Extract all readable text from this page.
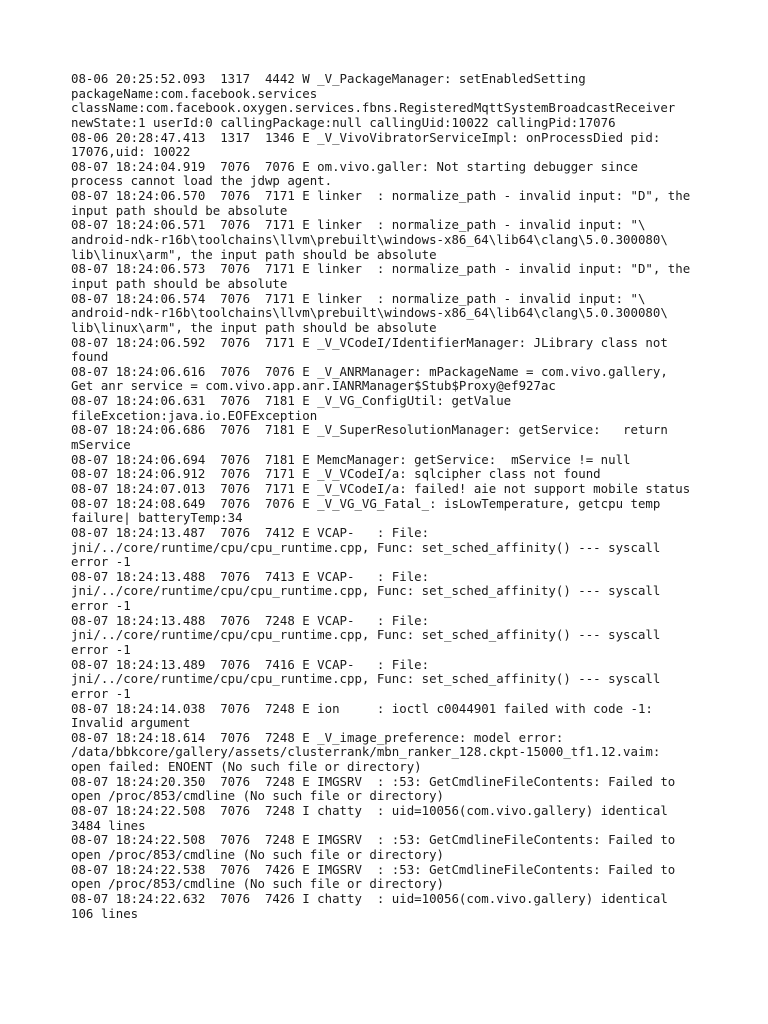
08-06 20:25:52.093  1317  4442 W _V_PackageManager: setEnabledSetting
packageName:com.facebook.services
className:com.facebook.oxygen.services.fbns.RegisteredMqttSystemBroadcastReceiver
newState:1 userId:0 callingPackage:null callingUid:10022 callingPid:17076
08-06 20:28:47.413  1317  1346 E _V_VivoVibratorServiceImpl: onProcessDied pid:
17076,uid: 10022
08-07 18:24:04.919  7076  7076 E om.vivo.galler: Not starting debugger since
process cannot load the jdwp agent.
08-07 18:24:06.570  7076  7171 E linker  : normalize_path - invalid input: "D", the
input path should be absolute
08-07 18:24:06.571  7076  7171 E linker  : normalize_path - invalid input: "\
android-ndk-r16b\toolchains\llvm\prebuilt\windows-x86_64\lib64\clang\5.0.300080\
lib\linux\arm", the input path should be absolute
08-07 18:24:06.573  7076  7171 E linker  : normalize_path - invalid input: "D", the
input path should be absolute
08-07 18:24:06.574  7076  7171 E linker  : normalize_path - invalid input: "\
android-ndk-r16b\toolchains\llvm\prebuilt\windows-x86_64\lib64\clang\5.0.300080\
lib\linux\arm", the input path should be absolute
08-07 18:24:06.592  7076  7171 E _V_VCodeI/IdentifierManager: JLibrary class not
found
08-07 18:24:06.616  7076  7076 E _V_ANRManager: mPackageName = com.vivo.gallery,
Get anr service = com.vivo.app.anr.IANRManager$Stub$Proxy@ef927ac
08-07 18:24:06.631  7076  7181 E _V_VG_ConfigUtil: getValue
fileExcetion:java.io.EOFException
08-07 18:24:06.686  7076  7181 E _V_SuperResolutionManager: getService:   return
mService
08-07 18:24:06.694  7076  7181 E MemcManager: getService:  mService != null
08-07 18:24:06.912  7076  7171 E _V_VCodeI/a: sqlcipher class not found
08-07 18:24:07.013  7076  7171 E _V_VCodeI/a: failed! aie not support mobile status
08-07 18:24:08.649  7076  7076 E _V_VG_VG_Fatal_: isLowTemperature, getcpu temp
failure| batteryTemp:34
08-07 18:24:13.487  7076  7412 E VCAP-   : File:
jni/../core/runtime/cpu/cpu_runtime.cpp, Func: set_sched_affinity() --- syscall
error -1
08-07 18:24:13.488  7076  7413 E VCAP-   : File:
jni/../core/runtime/cpu/cpu_runtime.cpp, Func: set_sched_affinity() --- syscall
error -1
08-07 18:24:13.488  7076  7248 E VCAP-   : File:
jni/../core/runtime/cpu/cpu_runtime.cpp, Func: set_sched_affinity() --- syscall
error -1
08-07 18:24:13.489  7076  7416 E VCAP-   : File:
jni/../core/runtime/cpu/cpu_runtime.cpp, Func: set_sched_affinity() --- syscall
error -1
08-07 18:24:14.038  7076  7248 E ion     : ioctl c0044901 failed with code -1:
Invalid argument
08-07 18:24:18.614  7076  7248 E _V_image_preference: model error:
/data/bbkcore/gallery/assets/clusterrank/mbn_ranker_128.ckpt-15000_tf1.12.vaim:
open failed: ENOENT (No such file or directory)
08-07 18:24:20.350  7076  7248 E IMGSRV  : :53: GetCmdlineFileContents: Failed to
open /proc/853/cmdline (No such file or directory)
08-07 18:24:22.508  7076  7248 I chatty  : uid=10056(com.vivo.gallery) identical
3484 lines
08-07 18:24:22.508  7076  7248 E IMGSRV  : :53: GetCmdlineFileContents: Failed to
open /proc/853/cmdline (No such file or directory)
08-07 18:24:22.538  7076  7426 E IMGSRV  : :53: GetCmdlineFileContents: Failed to
open /proc/853/cmdline (No such file or directory)
08-07 18:24:22.632  7076  7426 I chatty  : uid=10056(com.vivo.gallery) identical
106 lines
